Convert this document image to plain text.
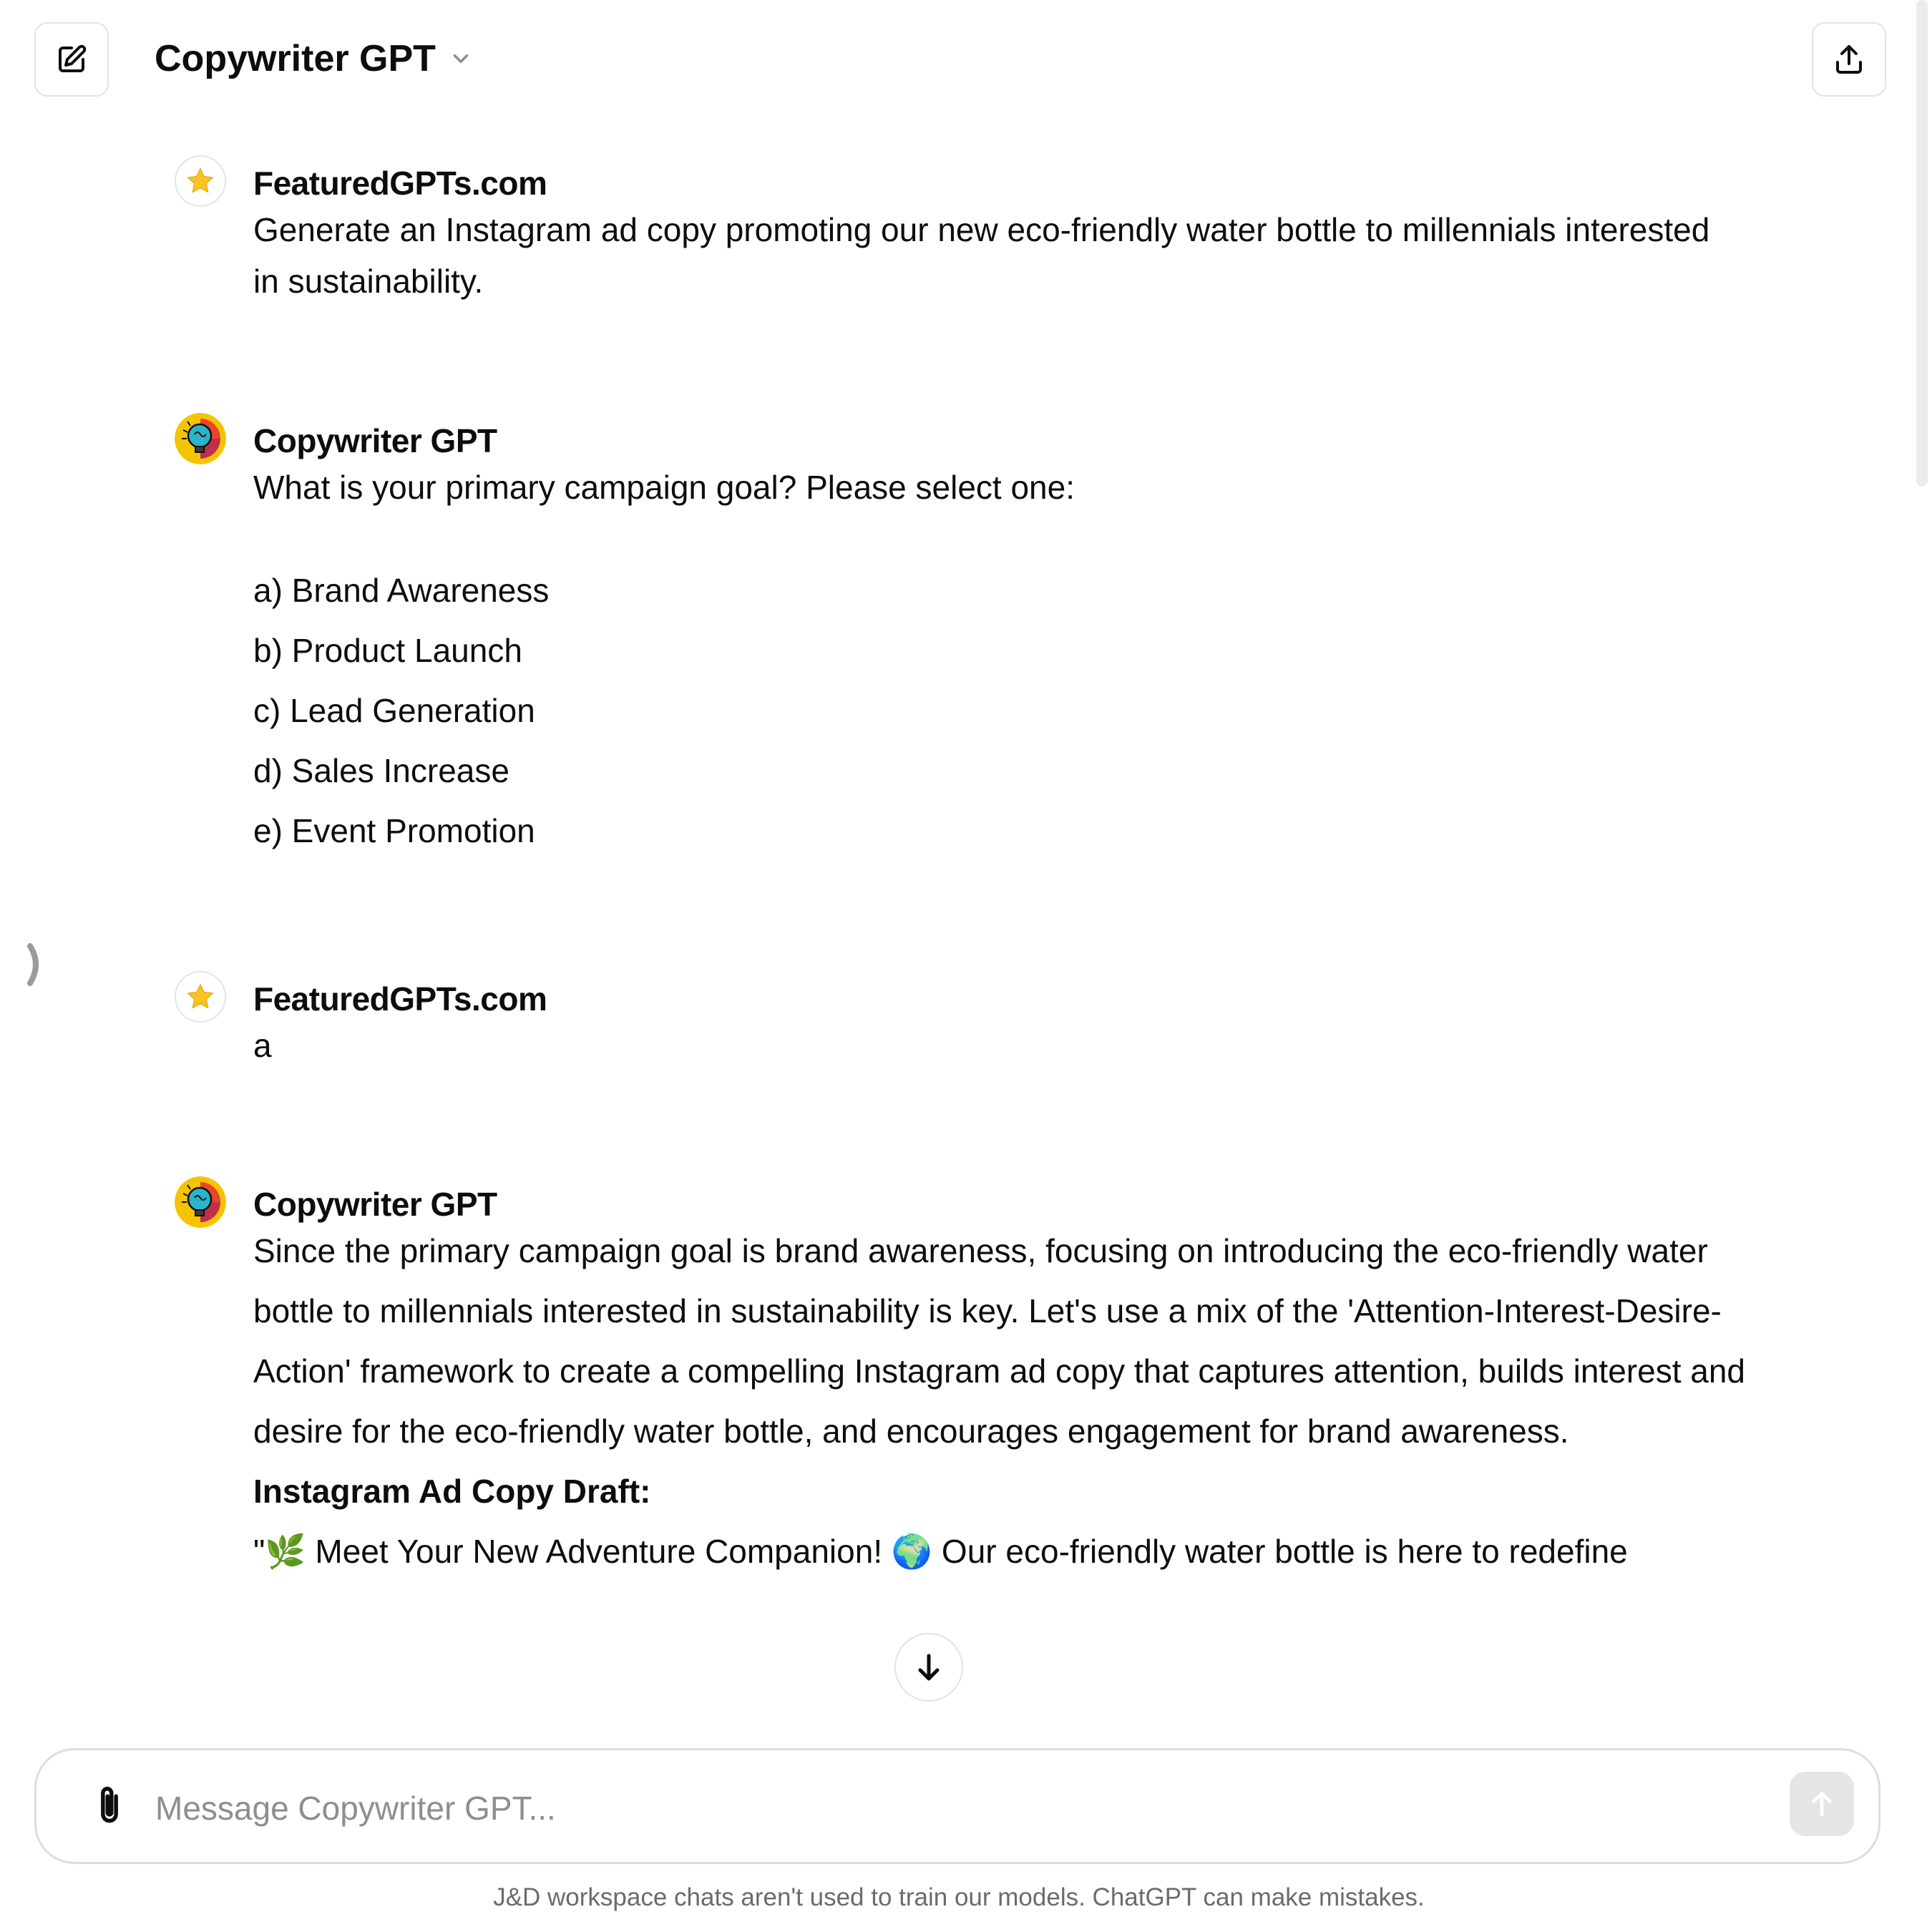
Copywriter GPT
FeaturedGPTs.com

Generate an Instagram ad copy promoting our new eco-friendly water bottle to millennials interested in sustainability.

Copywriter GPT

What is your primary campaign goal? Please select one:

a) Brand Awareness
b) Product Launch
c) Lead Generation
d) Sales Increase
e) Event Promotion
FeaturedGPTs.com

a

Copywriter GPT

Since the primary campaign goal is brand awareness, focusing on introducing the eco-friendly water bottle to millennials interested in sustainability is key. Let's use a mix of the 'Attention-Interest-Desire-Action' framework to create a compelling Instagram ad copy that captures attention, builds interest and desire for the eco-friendly water bottle, and encourages engagement for brand awareness.

Instagram Ad Copy Draft:

"🌿 Meet Your New Adventure Companion! 🌍 Our eco-friendly water bottle is here to redefine

Message Copywriter GPT...
J&D workspace chats aren't used to train our models. ChatGPT can make mistakes.
